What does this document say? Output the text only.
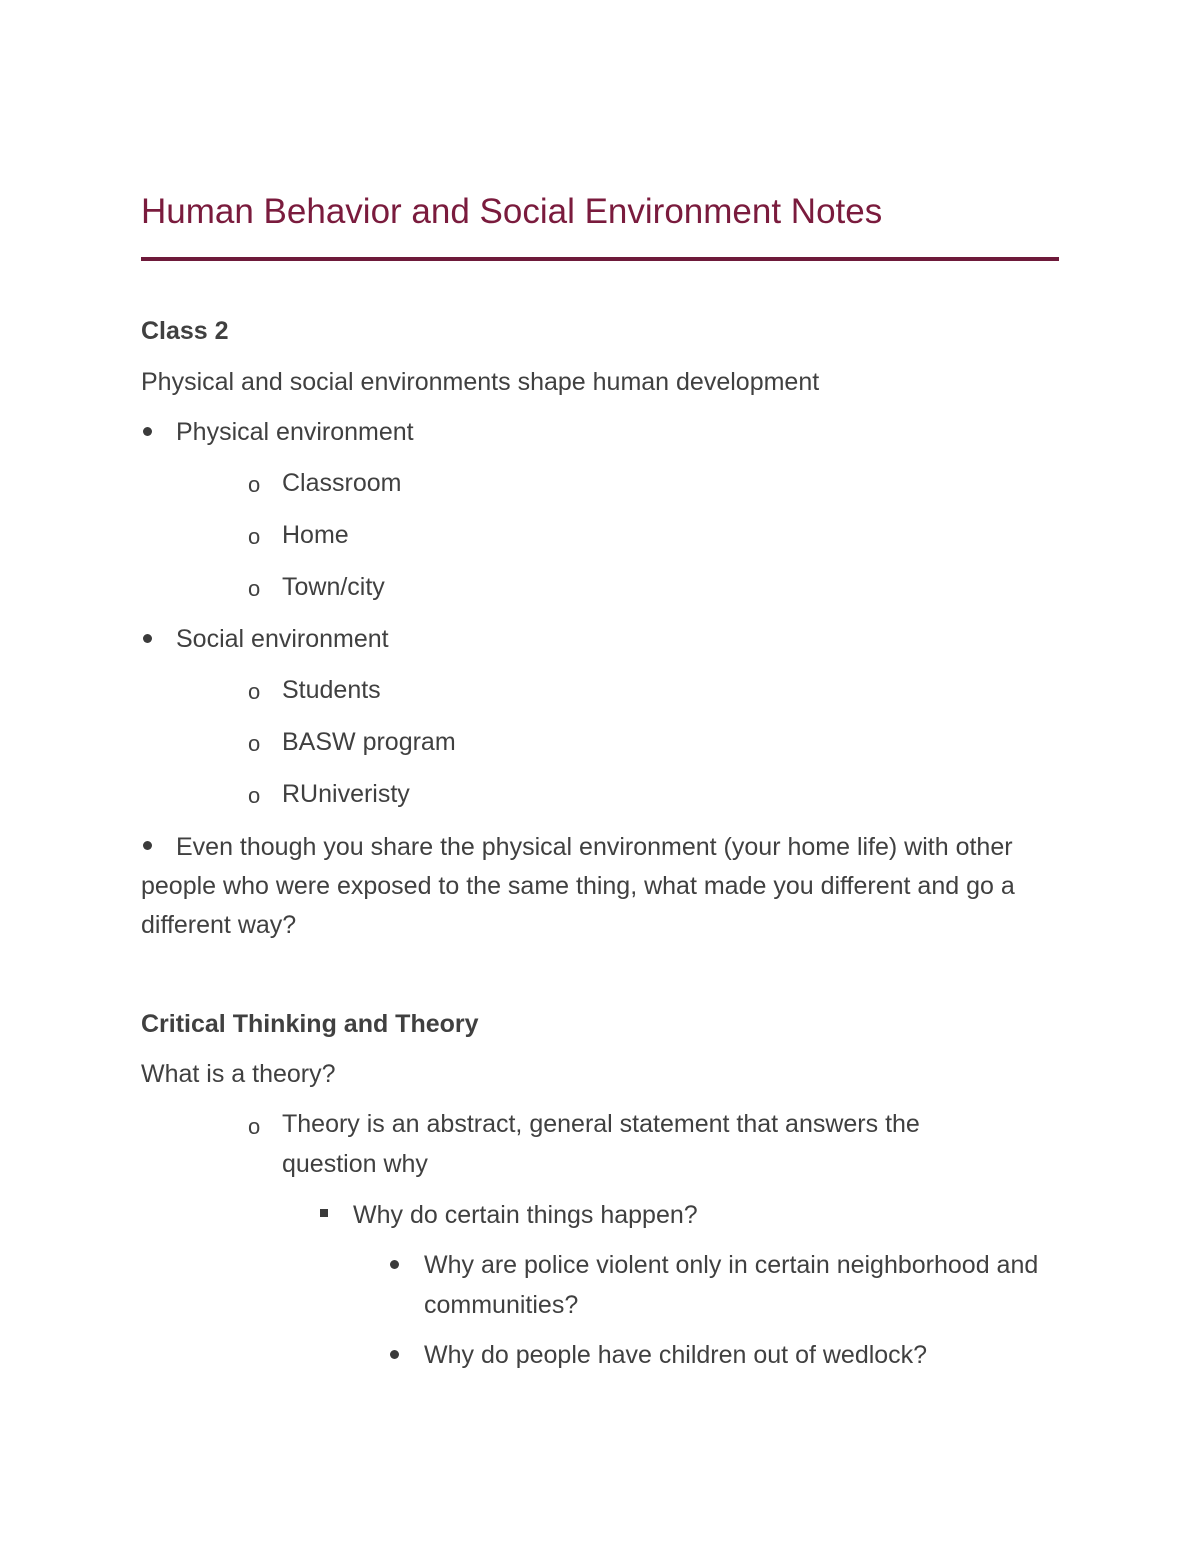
Human Behavior and Social Environment Notes
Class 2
Physical and social environments shape human development
Physical environment
o Classroom
o Home
o Town/city
Social environment
o Students
o BASW program
o RUniveristy
Even though you share the physical environment (your home life) with other people who were exposed to the same thing, what made you different and go a different way?
Critical Thinking and Theory
What is a theory?
o Theory is an abstract, general statement that answers the question why
Why do certain things happen?
Why are police violent only in certain neighborhood and communities?
Why do people have children out of wedlock?
